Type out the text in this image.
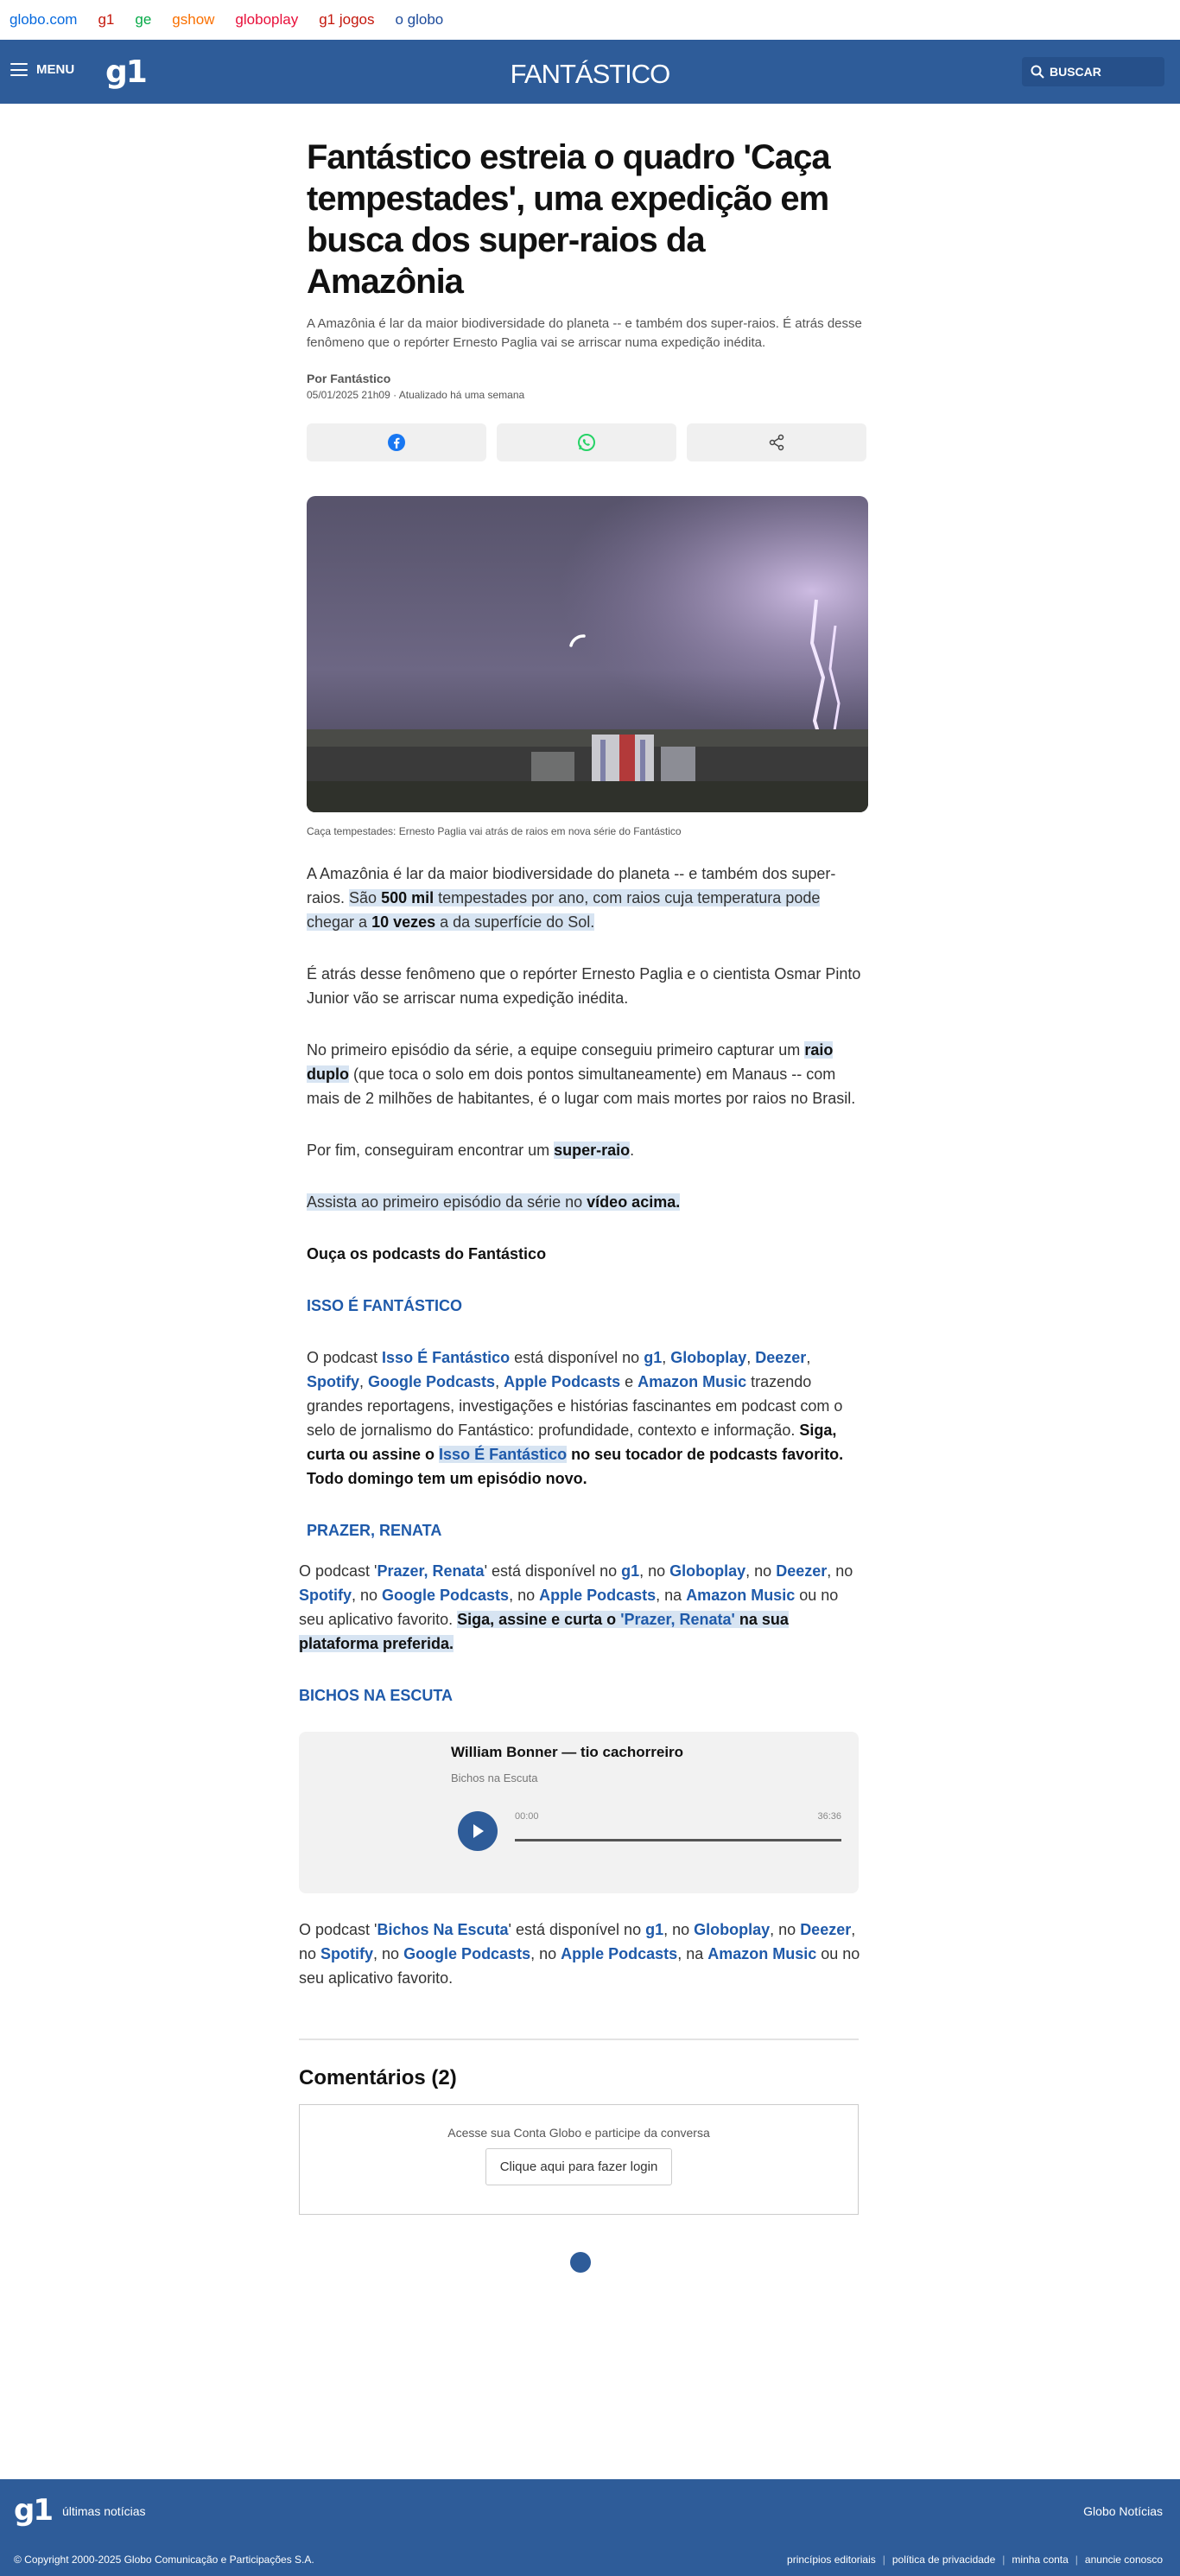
globo.com g1 ge gshow globoplay g1 jogos o globo
MENU g1	FANTÁSTICO	BUSCAR
Fantástico estreia o quadro 'Caça tempestades', uma expedição em busca dos super-raios da Amazônia

A Amazônia é lar da maior biodiversidade do planeta -- e também dos super-raios. É atrás desse fenômeno que o repórter Ernesto Paglia vai se arriscar numa expedição inédita.

Por Fantástico
05/01/2025 21h09 · Atualizado há uma semana

Caça tempestades: Ernesto Paglia vai atrás de raios em nova série do Fantástico

A Amazônia é lar da maior biodiversidade do planeta -- e também dos super-raios. São 500 mil tempestades por ano, com raios cuja temperatura pode chegar a 10 vezes a da superfície do Sol.

É atrás desse fenômeno que o repórter Ernesto Paglia e o cientista Osmar Pinto Junior vão se arriscar numa expedição inédita.

No primeiro episódio da série, a equipe conseguiu primeiro capturar um raio duplo (que toca o solo em dois pontos simultaneamente) em Manaus -- com mais de 2 milhões de habitantes, é o lugar com mais mortes por raios no Brasil.

Por fim, conseguiram encontrar um super-raio.

Assista ao primeiro episódio da série no vídeo acima.

Ouça os podcasts do Fantástico

ISSO É FANTÁSTICO

O podcast Isso É Fantástico está disponível no g1, Globoplay, Deezer, Spotify, Google Podcasts, Apple Podcasts e Amazon Music trazendo grandes reportagens, investigações e histórias fascinantes em podcast com o selo de jornalismo do Fantástico: profundidade, contexto e informação. Siga, curta ou assine o Isso É Fantástico no seu tocador de podcasts favorito. Todo domingo tem um episódio novo.

PRAZER, RENATA

O podcast 'Prazer, Renata' está disponível no g1, no Globoplay, no Deezer, no Spotify, no Google Podcasts, no Apple Podcasts, na Amazon Music ou no seu aplicativo favorito. Siga, assine e curta o 'Prazer, Renata' na sua plataforma preferida.

BICHOS NA ESCUTA

William Bonner — tio cachorreiro
Bichos na Escuta
00:00	36:36

O podcast 'Bichos Na Escuta' está disponível no g1, no Globoplay, no Deezer, no Spotify, no Google Podcasts, no Apple Podcasts, na Amazon Music ou no seu aplicativo favorito.

Comentários (2)
Acesse sua Conta Globo e participe da conversa
Clique aqui para fazer login
g1 últimas notícias	Globo Notícias
© Copyright 2000-2025 Globo Comunicação e Participações S.A.	princípios editoriais | política de privacidade | minha conta | anuncie conosco
